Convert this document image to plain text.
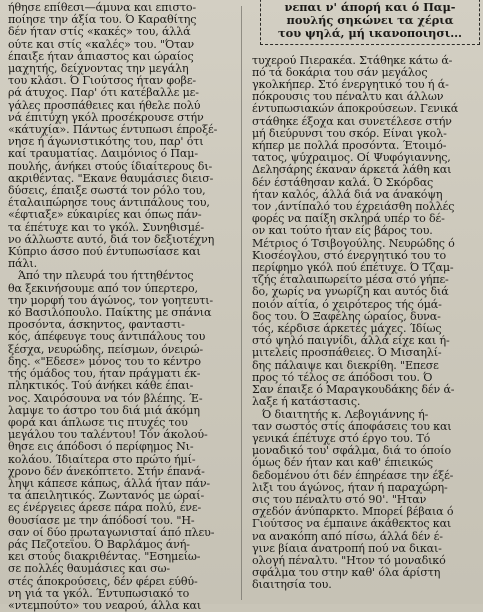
ήθησε επίθεσι—άμυνα και επιστο-
ποίησε την άξία του. Ό Καραθίτης
δέν ήταν στίς «κακές» του, άλλά
ούτε και στίς «καλές» του. "Όταν
έπαιξε ήταν άπιαστος και ώραίος
μαχητής, δείχνοντας την μεγάλη
του κλάσι. Ό Γιούτσος ήταν φοβε-
ρά άτυχος. Παρ' ότι κατέβαλλε με-
γάλες προσπάθειες και ήθελε πολύ
νά έπιτύχη γκόλ προσέκρουσε στήν
«κάτυχία». Πάντως έντυπωσι έπροξέ-
νησε ή άγωνιστικότης του, παρ' ότι
καί τραυματίας. Δαιμόνιος ό Παμ-
πουλής, άνήκει στούς ίδιαίτερους δι-
ακριθέντας. "Εκανε θαυμάσιες διεισ-
δύσεις, έπαιξε σωστά τον ρόλο του,
έταλαιπώρησε τους άντιπάλους του,
«έφτιαξε» εύκαιρίες και όπως πάν-
τα έπέτυχε και το γκόλ. Συνηθισμέ-
νο άλλωστε αυτό, διά τον δεξιοτέχνη
Κύπριο άσσο πού έντυπωσίασε και
πάλι.
Άπό την πλευρά του ήττηθέντος
θα ξεκινήσουμε από τον ύπερτερο,
την μορφή του άγώνος, τον γοητευτι-
κό Βασιλόπουλο. Παίκτης με σπάνια
προσόντα, άσκηντος, φανταστι-
κός, άπέφευγε τους άντιπάλους του
ξέσχα, νευρώδης, πείσμων, όνειρώ-
δης. «"Εδεσε» μόνος του το κέντρο
τής όμάδος του, ήταν πράγματι έκ-
πληκτικός. Τού άνήκει κάθε έπαι-
νος. Χαιρόσουνα να τόν βλέπης. Έ-
λαμψε το άστρο του διά μιά άκόμη
φορά και άπλωσε τις πτυχές του
μεγάλου του ταλέντου! Τόν άκολού-
θησε εις άπόδοσι ό περίφημος Νι-
κολάου. Ίδιαίτερα στο πρώτο ήμί-
χρονο δέν άνεκόπτετο. Στήν έπανά-
ληψι κάπεσε κάπως, άλλά ήταν πάν-
τα άπειλητικός. Ζωντανός με ώραί-
ες ένέργειες άρεσε πάρα πολύ, ένε-
θουσίασε με την άπόδοσί του. "Η-
σαν οί δύο πρωταγωνισταί άπό πλευ-
ράς Πεζοτεΐου. Ό Βαρλάμος άνή-
κει στούς διακριθέντας. "Εσημείω-
σε πολλές θαυμάσιες και σω-
στές άποκρούσεις, δέν φέρει εύθύ-
νη γιά τα γκόλ. Έντυπωσιακό το
«ντεμπούτο» του νεαρού, άλλα και
νεπαι ν' άπορή και ό Παμ-
πουλής σηκώνει τα χέρια
του ψηλά, μή ικανοποιησι...
τυχερού Πιερακέα. Στάθηκε κάτω ά-
πό τά δοκάρια του σάν μεγάλος
γκολκήπερ. Στό ένεργητικό του ή ά-
πόκρουσις του πέναλτυ και άλλων
έντυπωσιακών άποκρούσεων. Γενικά
στάθηκε έξοχα και συνετέλεσε στήν
μή διεύρυνσι του σκόρ. Είναι γκολ-
κήπερ με πολλά προσόντα. Έτοιμό-
τατος, ψύχραιμος. Οί Ψυφόγιαννης,
Δελησάρης έκαναν άρκετά λάθη και
δέν έστάθησαν καλά. Ό Σκόρδας
ήταν καλός, άλλά διά να άνακόψη
τον ,άντίπαλό του έχρειάσθη πολλές
φορές να παίξη σκληρά υπέρ το δέ-
ον και τούτο ήταν είς βάρος του.
Μέτριος ό Τσιβογούλης. Νευρώδης ό
Κιοσέογλου, στό ένεργητικό του το
περίφημο γκόλ πού έπέτυχε. Ό Τζαμ-
τζής έταλαιπωρείτο μέσα στό γήπε-
δο, χωρίς να γνωρίζη και αυτός διά
ποιόν αίτία, ό χειρότερος τής όμά-
δος του. Ό Ξαφέλης ώραίος, δυνα-
τός, κέρδισε άρκετές μάχες. Ίδίως
στό ψηλό παιγνίδι, άλλά είχε και ή-
μιτελείς προσπάθειες. Ό Μισαηλί-
δης πάλαιψε και διεκρίθη. "Επεσε
προς τό τέλος σε άπόδοσι του. Ό
Σαν έπαιξε ό Μαραγκουδάκης δέν ά-
λαξε ή κατάστασις.
Ό διαιτητής κ. Λεβογιάννης ή-
ταν σωστός στίς άποφάσεις του και
γενικά έπέτυχε στό έργο του. Τό
μοναδικό του' σφάλμα, διά το όποίο
όμως δέν ήταν και καθ' έπιεικώς
δεδομένου ότι δέν έπηρέασε την έξέ-
λιξι του άγώνος, ήταν ή παραχώρη-
σις του πέναλτυ στό 90'. "Ηταν
σχεδόν άνύπαρκτο. Μπορεί βέβαια ό
Γιούτσος να έμπαινε άκάθεκτος και
να ανακόπη από πίσω, άλλά δέν έ-
γινε βίαια άνατροπή πού να δικαι-
ολογή πέναλτυ. "Ητον τό μοναδικό
σφάλμα του στην καθ' όλα άρίστη
διαιτησία του.
